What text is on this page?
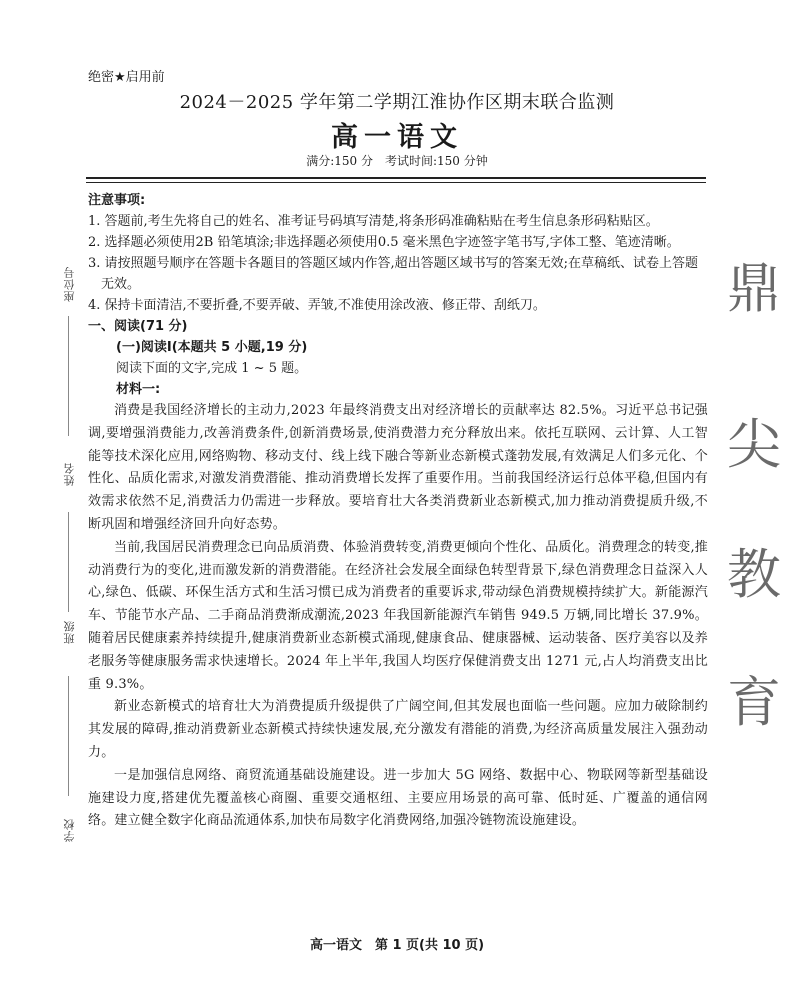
座位号
姓名
班级
学校
鼎
尖
教
育
绝密★启用前
2024－2025 学年第二学期江淮协作区期末联合监测
高一语文
满分:150 分　考试时间:150 分钟
注意事项:
1. 答题前,考生先将自己的姓名、准考证号码填写清楚,将条形码准确粘贴在考生信息条形码粘贴区。
2. 选择题必须使用2B 铅笔填涂;非选择题必须使用0.5 毫米黑色字迹签字笔书写,字体工整、笔迹清晰。
3. 请按照题号顺序在答题卡各题目的答题区域内作答,超出答题区域书写的答案无效;在草稿纸、试卷上答题无效。
4. 保持卡面清洁,不要折叠,不要弄破、弄皱,不准使用涂改液、修正带、刮纸刀。
一、阅读(71 分)
(一)阅读Ⅰ(本题共 5 小题,19 分)
阅读下面的文字,完成 1 ~ 5 题。
材料一:
消费是我国经济增长的主动力,2023 年最终消费支出对经济增长的贡献率达 82.5%。习近平总书记强调,要增强消费能力,改善消费条件,创新消费场景,使消费潜力充分释放出来。依托互联网、云计算、人工智能等技术深化应用,网络购物、移动支付、线上线下融合等新业态新模式蓬勃发展,有效满足人们多元化、个性化、品质化需求,对激发消费潜能、推动消费增长发挥了重要作用。当前我国经济运行总体平稳,但国内有效需求依然不足,消费活力仍需进一步释放。要培育壮大各类消费新业态新模式,加力推动消费提质升级,不断巩固和增强经济回升向好态势。
当前,我国居民消费理念已向品质消费、体验消费转变,消费更倾向个性化、品质化。消费理念的转变,推动消费行为的变化,进而激发新的消费潜能。在经济社会发展全面绿色转型背景下,绿色消费理念日益深入人心,绿色、低碳、环保生活方式和生活习惯已成为消费者的重要诉求,带动绿色消费规模持续扩大。新能源汽车、节能节水产品、二手商品消费渐成潮流,2023 年我国新能源汽车销售 949.5 万辆,同比增长 37.9%。随着居民健康素养持续提升,健康消费新业态新模式涌现,健康食品、健康器械、运动装备、医疗美容以及养老服务等健康服务需求快速增长。2024 年上半年,我国人均医疗保健消费支出 1271 元,占人均消费支出比重 9.3%。
新业态新模式的培育壮大为消费提质升级提供了广阔空间,但其发展也面临一些问题。应加力破除制约其发展的障碍,推动消费新业态新模式持续快速发展,充分激发有潜能的消费,为经济高质量发展注入强劲动力。
一是加强信息网络、商贸流通基础设施建设。进一步加大 5G 网络、数据中心、物联网等新型基础设施建设力度,搭建优先覆盖核心商圈、重要交通枢纽、主要应用场景的高可靠、低时延、广覆盖的通信网络。建立健全数字化商品流通体系,加快布局数字化消费网络,加强冷链物流设施建设。
高一语文　第 1 页(共 10 页)
